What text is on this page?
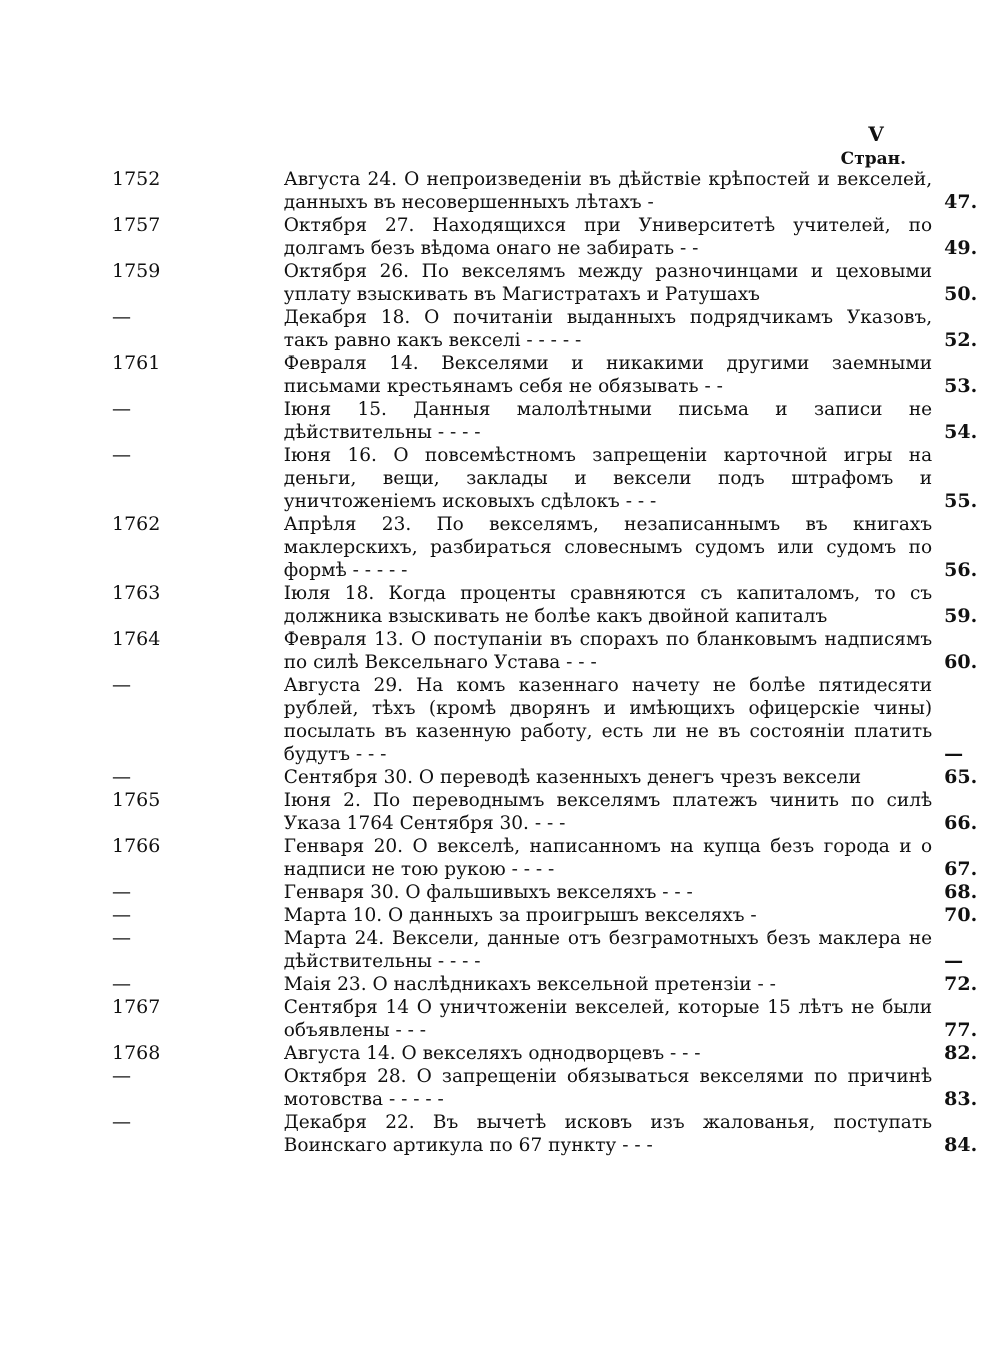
V
Стран.
1752	Августа 24. О непроизведеніи въ дѣйствіе крѣпостей и векселей, данныхъ въ несовершенныхъ лѣтахъ -	47.
1757	Октября 27. Находящихся при Университетѣ учителей, по долгамъ безъ вѣдома онаго не забирать - -	49.
1759	Октября 26. По векселямъ между разночинцами и цеховыми уплату взыскивать въ Магистратахъ и Ратушахъ	50.
—	Декабря 18. О почитаніи выданныхъ подрядчикамъ Указовъ, такъ равно какъ векселі - - - - -	52.
1761	Февраля 14. Векселями и никакими другими заемными письмами крестьянамъ себя не обязывать - -	53.
—	Іюня 15. Данныя малолѣтными письма и записи не дѣйствительны - - - -	54.
—	Іюня 16. О повсемѣстномъ запрещеніи карточной игры на деньги, вещи, заклады и вексели подъ штрафомъ и уничтоженіемъ исковыхъ сдѣлокъ - - -	55.
1762	Апрѣля 23. По векселямъ, незаписаннымъ въ книгахъ маклерскихъ, разбираться словеснымъ судомъ или судомъ по формѣ - - - - -	56.
1763	Іюля 18. Когда проценты сравняются съ капиталомъ, то съ должника взыскивать не болѣе какъ двойной капиталъ	59.
1764	Февраля 13. О поступаніи въ спорахъ по бланковымъ надписямъ по силѣ Вексельнаго Устава - - -	60.
—	Августа 29. На комъ казеннаго начету не болѣе пятидесяти рублей, тѣхъ (кромѣ дворянъ и имѣющихъ офицерскіе чины) посылать въ казенную работу, есть ли не въ состояніи платить будутъ - - -	—
—	Сентября 30. О переводѣ казенныхъ денегъ чрезъ вексели	65.
1765	Іюня 2. По переводнымъ векселямъ платежъ чинить по силѣ Указа 1764 Сентября 30. - - -	66.
1766	Генваря 20. О векселѣ, написанномъ на купца безъ города и о надписи не тою рукою - - - -	67.
—	Генваря 30. О фальшивыхъ векселяхъ - - -	68.
—	Марта 10. О данныхъ за проигрышъ векселяхъ -	70.
—	Марта 24. Вексели, данные отъ безграмотныхъ безъ маклера не дѣйствительны - - - -	—
—	Маія 23. О наслѣдникахъ вексельной претензіи - -	72.
1767	Сентября 14 О уничтоженіи векселей, которые 15 лѣтъ не были объявлены - - -	77.
1768	Августа 14. О векселяхъ однодворцевъ - - -	82.
—	Октября 28. О запрещеніи обязываться векселями по причинѣ мотовства - - - - -	83.
—	Декабря 22. Въ вычетѣ исковъ изъ жалованья, поступать Воинскаго артикула по 67 пункту - - -	84.
